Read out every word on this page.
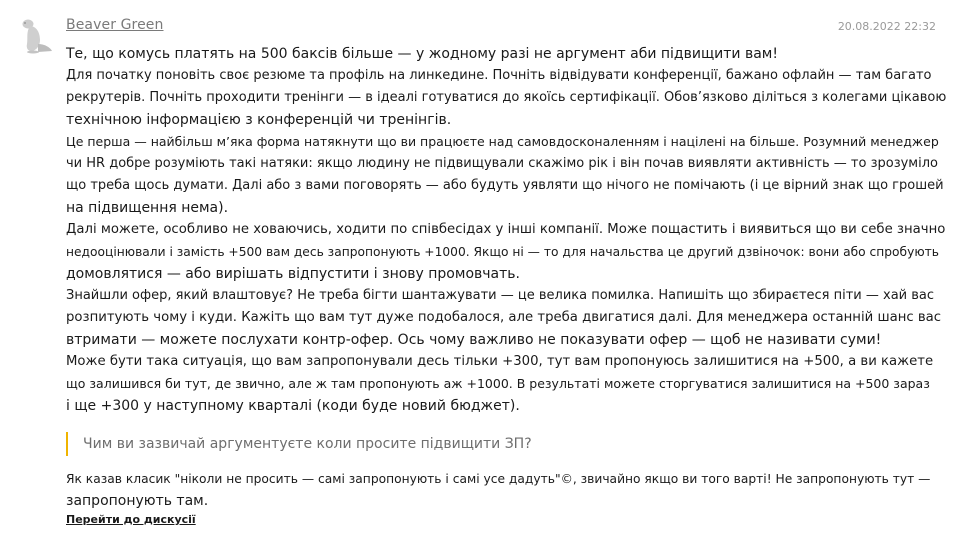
Beaver Green	20.08.2022 22:32

Те, що комусь платять на 500 баксів більше — у жодному разі не аргумент аби підвищити вам!

Для початку поновіть своє резюме та профіль на линкедине. Почніть відвідувати конференції, бажано офлайн — там багато

рекрутерів. Почніть проходити тренінги — в ідеалі готуватися до якоїсь сертифікації. Обов’язково діліться з колегами цікавою

технічною інформацією з конференцій чи тренінгів.

Це перша — найбільш м’яка форма натякнути що ви працюєте над самовдосконаленням і націлені на більше. Розумний менеджер

чи HR добре розуміють такі натяки: якщо людину не підвищували скажімо рік і він почав виявляти активність — то зрозуміло

що треба щось думати. Далі або з вами поговорять — або будуть уявляти що нічого не помічають (і це вірний знак що грошей

на підвищення нема).

Далі можете, особливо не ховаючись, ходити по співбесідах у інші компанії. Може пощастить і виявиться що ви себе значно

недооцінювали і замість +500 вам десь запропонують +1000. Якщо ні — то для начальства це другий дзвіночок: вони або спробують

домовлятися — або вирішать відпустити і знову промовчать.

Знайшли офер, який влаштовує? Не треба бігти шантажувати — це велика помилка. Напишіть що збираєтеся піти — хай вас

розпитують чому і куди. Кажіть що вам тут дуже подобалося, але треба двигатися далі. Для менеджера останній шанс вас

втримати — можете послухати контр-офер. Ось чому важливо не показувати офер — щоб не називати суми!

Може бути така ситуація, що вам запропонували десь тільки +300, тут вам пропонуюсь залишитися на +500, а ви кажете

що залишився би тут, де звично, але ж там пропонують аж +1000. В результаті можете сторгуватися залишитися на +500 зараз

і ще +300 у наступному кварталі (коди буде новий бюджет).

Чим ви зазвичай аргументуєте коли просите підвищити ЗП?

Як казав класик "ніколи не просить — самі запропонують і самі усе дадуть"©, звичайно якщо ви того варті! Не запропонують тут —

запропонують там.

Перейти до дискусії
